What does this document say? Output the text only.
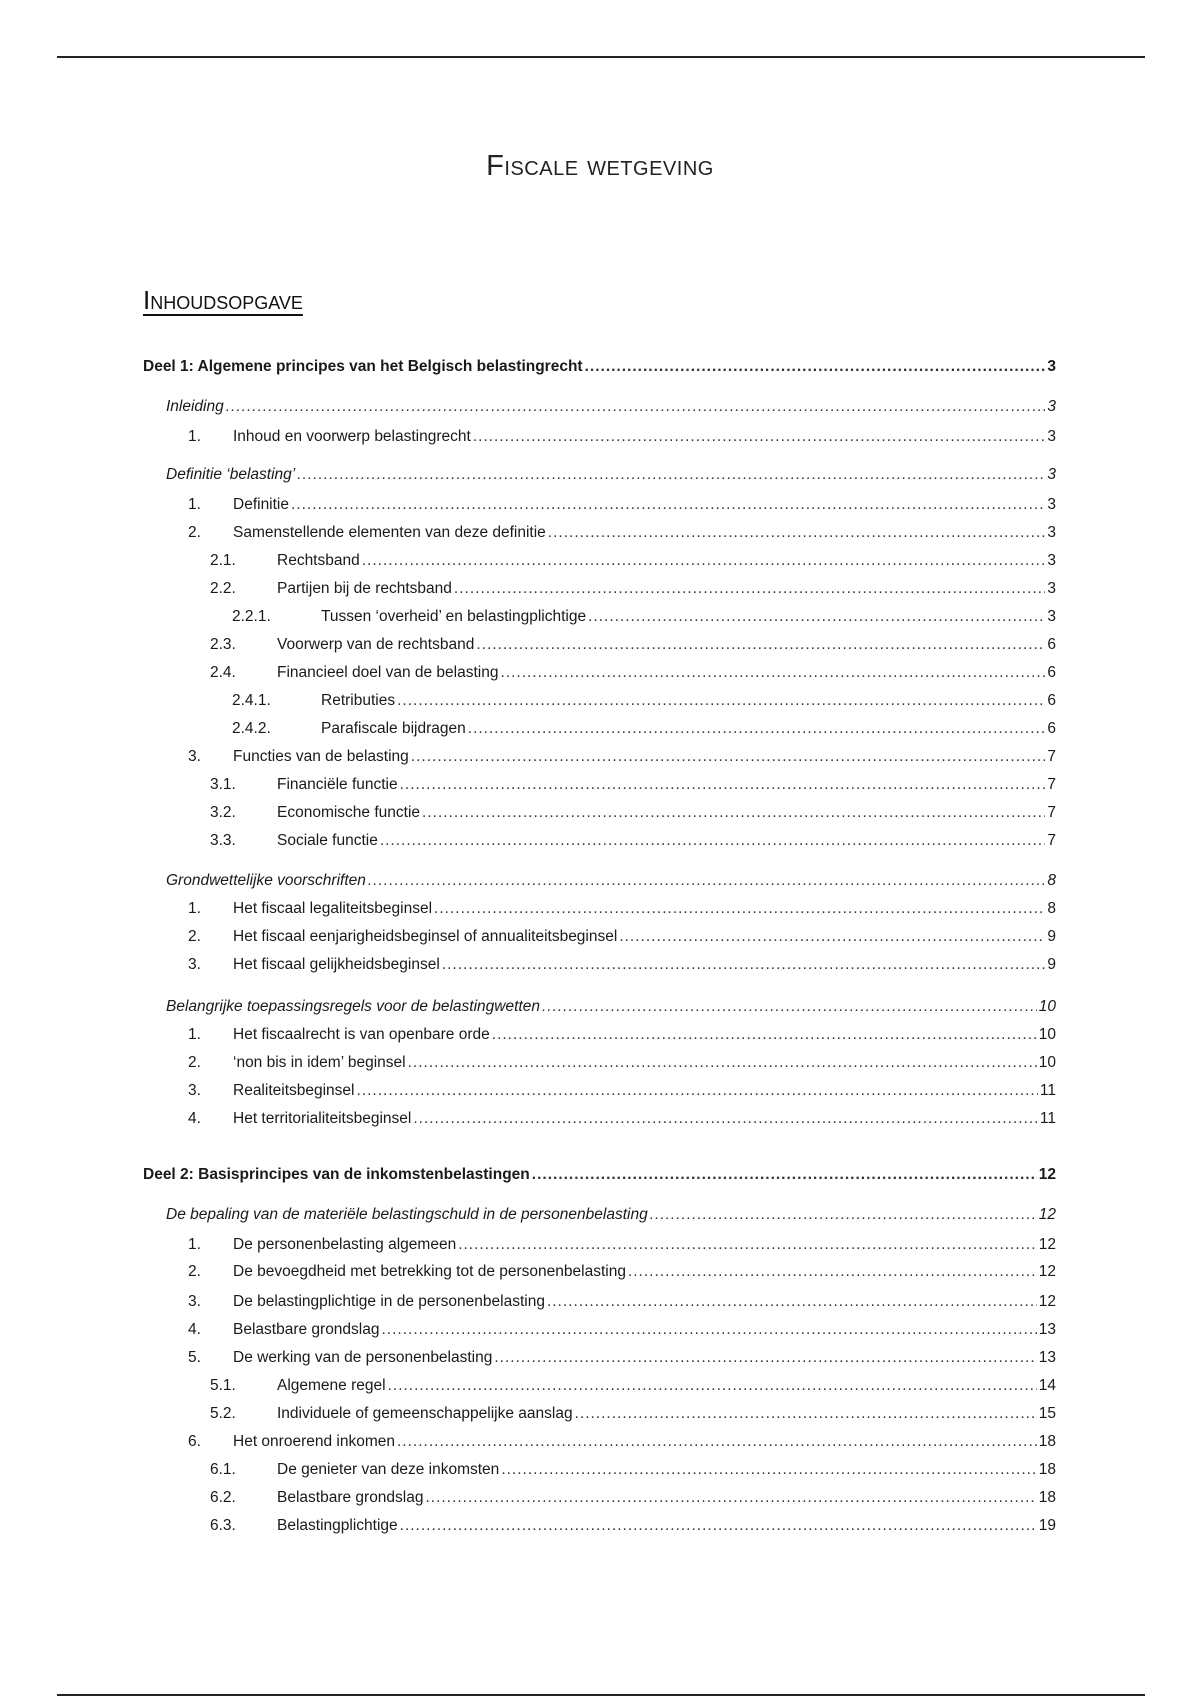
Fiscale wetgeving
Inhoudsopgave
Deel 1: Algemene principes van het Belgisch belastingrecht .....	3
Inleiding .....	3
1.	Inhoud en voorwerp belastingrecht .....	3
Definitie ‘belasting’ .....	3
1.	Definitie .....	3
2.	Samenstellende elementen van deze definitie .....	3
2.1.	Rechtsband .....	3
2.2.	Partijen bij de rechtsband .....	3
2.2.1.	Tussen ‘overheid’ en belastingplichtige .....	3
2.3.	Voorwerp van de rechtsband .....	6
2.4.	Financieel doel van de belasting .....	6
2.4.1.	Retributies .....	6
2.4.2.	Parafiscale bijdragen .....	6
3.	Functies van de belasting .....	7
3.1.	Financiële functie .....	7
3.2.	Economische functie .....	7
3.3.	Sociale functie .....	7
Grondwettelijke voorschriften .....	8
1.	Het fiscaal legaliteitsbeginsel .....	8
2.	Het fiscaal eenjarigheidsbeginsel of annualiteitsbeginsel .....	9
3.	Het fiscaal gelijkheidsbeginsel .....	9
Belangrijke toepassingsregels voor de belastingwetten .....	10
1.	Het fiscaalrecht is van openbare orde .....	10
2.	‘non bis in idem’ beginsel .....	10
3.	Realiteitsbeginsel .....	11
4.	Het territorialiteitsbeginsel .....	11
Deel 2: Basisprincipes van de inkomstenbelastingen .....	12
De bepaling van de materiële belastingschuld in de personenbelasting .....	12
1.	De personenbelasting algemeen .....	12
2.	De bevoegdheid met betrekking tot de personenbelasting .....	12
3.	De belastingplichtige in de personenbelasting .....	12
4.	Belastbare grondslag .....	13
5.	De werking van de personenbelasting .....	13
5.1.	Algemene regel .....	14
5.2.	Individuele of gemeenschappelijke aanslag .....	15
6.	Het onroerend inkomen .....	18
6.1.	De genieter van deze inkomsten .....	18
6.2.	Belastbare grondslag .....	18
6.3.	Belastingplichtige .....	19
